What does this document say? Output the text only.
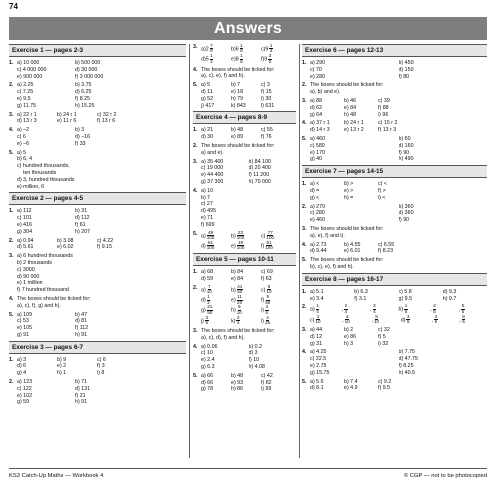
74
Answers
Exercise 1 — pages 2-3
1. a) 10 000	b) 500 000
c) 4 000 000	d) 30 000
e) 900 000	f) 3 000 000
2. a) 2.25	b) 3.75
c) 7.25	d) 6.25
e) 9.5	f) 8.25
g) 11.75	h) 15.25
3. a) 22 r 1	b) 24 r 1	c) 32 r 2
d) 13 r 3	e) 11 r 6	f) 13 r 6
4. a) –2	b) 3
c) 6	d) –16
e) –6	f) 33
5. a) 5
b) 6, 4
c) hundred thousands,
ten thousands
d) 3, hundred thousands
e) million, 6
Exercise 2 — pages 4-5
1. a) 112	b) 31
c) 101	d) 112
e) 416	f) 61
g) 304	h) 207
2. a) 0.94	b) 3.08	c) 4.22
d) 5.61	e) 6.02	f) 9.15
3. a) 6 hundred thousands
b) 2 thousands
c) 3000
d) 90 000
e) 1 million
f) 7 hundred thousand
4. The boxes should be ticked for:
a), c), f), g) and h).
5. a) 109	b) 47
c) 53	d) 81
e) 105	f) 112
g) 91	h) 91
Exercise 3 — pages 6-7
1. a) 3	b) 9	c) 6
d) 6	e) 2	f) 3
g) 4	h) 1	i) 8
2. a) 123	b) 71
c) 122	d) 131
e) 102	f) 21
g) 59	h) 91
3. $a)2 \frac{7}{9}$	$b)6 \frac{1}{6}$	$c)9 \frac{1}{3}$
$d)5 \frac{1}{2}$	$e)8 \frac{1}{6}$	$f)9 \frac{3}{5}$
4. The boxes should be ticked for:
a), c), e), f) and h).
5. a) 5	b) 7	c) 3
d) 11	e) 18	f) 15
g) 52	h) 79	i) 30
j) 417	k) 843	l) 631
Exercise 4 — pages 8-9
1. a) 21	b) 48	c) 55
d) 30	e) 89	f) 76
2. The boxes should be ticked for:
a) and e).
3. a) 35 400	b) 84 100
c) 19 000	d) 20 400
e) 44 400	f) 11 200
g) 37 300	h) 70 000
4. a) 10
b) 7
c) 27
d) 495
e) 71
f) 699
5. $a) \frac{49}{100}$	$b) \frac{23}{100}$	$c) \frac{77}{100}$
$d) \frac{61}{100}$	$e) \frac{19}{100}$	$f) \frac{81}{100}$
Exercise 5 — pages 10-11
1. a) 68	b) 84	c) 69
d) 59	e) 84	f) 63
2. $a) \frac{7}{10}$	$b) \frac{41}{50}$	$c) \frac{9}{10}$
$d) \frac{1}{2}$	$e) \frac{11}{20}$	$f) \frac{9}{50}$
$g) \frac{21}{50}$	$h) \frac{9}{10}$	$i) \frac{4}{5}$
$j) \frac{3}{5}$	$k) \frac{3}{4}$	$l) \frac{4}{25}$
3. The boxes should be ticked for:
a), c), d), f) and h).
4. a) 0.06	b) 0.2
c) 10	d) 3
e) 2.4	f) 10
g) 6.3	h) 4.08
5. a) 66	b) 48	c) 42
d) 66	e) 93	f) 82
g) 78	h) 86	i) 99
Exercise 6 — pages 12-13
1. a) 290	b) 450
c) 70	d) 150
e) 280	f) 80
2. The boxes should be ticked for:
a), b) and e).
3. a) 88	b) 46	c) 39
d) 62	e) 84	f) 88
g) 64	h) 48	i) 96
4. a) 37 r 1	b) 24 r 1	c) 15 r 2
d) 14 r 3	e) 13 r 2	f) 13 r 3
5. a) 460	b) 60
c) 580	d) 160
e) 170	f) 90
g) 40	h) 490
Exercise 7 — pages 14-15
1. a) <	b) >	c) <
d) =	e) >	f) >
g) <	h) =	i) <
2. a) 270	b) 360
c) 280	d) 360
e) 460	f) 90
3. The boxes should be ticked for:
a), e), f) and i).
4. a) 2.73	b) 4.55	c) 6.55
d) 9.44	e) 6.01	f) 8.23
5. The boxes should be ticked for:
b), c), e), f) and h).
Exercise 8 — pages 16-17
1. a) 5.1	b) 6.3	c) 5.8	d) 9.3
e) 3.4	f) 3.1	g) 9.5	h) 9.7
2. $a) \frac{1}{4}$	, $\frac{2}{4}$	, $\frac{3}{4}$	$b) \frac{1}{5}$	, $\frac{3}{5}$	, $\frac{5}{5}$
$c) \frac{1}{10}$	, $\frac{4}{10}$	, $\frac{5}{10}$	$d) \frac{3}{5}$	, $\frac{4}{5}$	, $\frac{8}{5}$
3. a) 44	b) 2	c) 32
d) 12	e) 86	f) 5
g) 31	h) 3	i) 32
4. a) 4.25	b) 7.75
c) 22.5	d) 47.75
e) 2.75	f) 8.25
g) 15.75	h) 40.5
5. a) 5.6	b) 7.4	c) 9.2
d) 8.1	e) 4.9	f) 9.5
KS3 Catch-Up Maths — Workbook 4	© CGP — not to be photocopied
